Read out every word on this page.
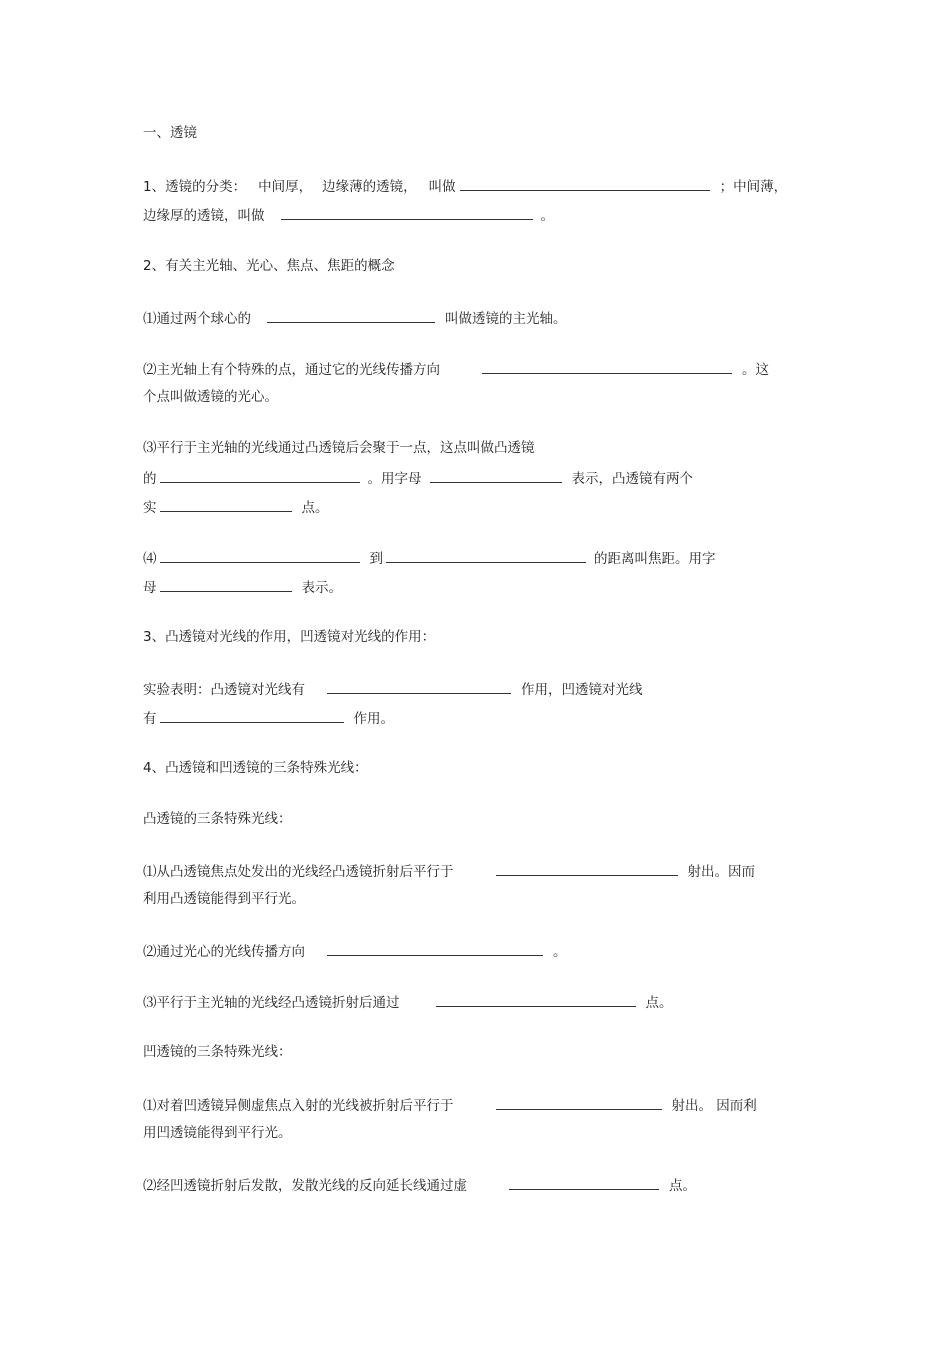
一、透镜
1、透镜的分类： 中间厚， 边缘薄的透镜， 叫做	；中间薄，
边缘厚的透镜，叫做	。
2、有关主光轴、光心、焦点、焦距的概念
⑴通过两个球心的	叫做透镜的主光轴。
⑵主光轴上有个特殊的点，通过它的光线传播方向	。这
个点叫做透镜的光心。
⑶平行于主光轴的光线通过凸透镜后会聚于一点，这点叫做凸透镜
的	。用字母	表示，凸透镜有两个
实	点。
⑷	到	的距离叫焦距。用字
母	表示。
3、凸透镜对光线的作用，凹透镜对光线的作用：
实验表明：凸透镜对光线有	作用，凹透镜对光线
有	作用。
4、凸透镜和凹透镜的三条特殊光线：
凸透镜的三条特殊光线：
⑴从凸透镜焦点处发出的光线经凸透镜折射后平行于	射出。因而
利用凸透镜能得到平行光。
⑵通过光心的光线传播方向	。
⑶平行于主光轴的光线经凸透镜折射后通过	点。
凹透镜的三条特殊光线：
⑴对着凹透镜异侧虚焦点入射的光线被折射后平行于	射出。 因而利
用凹透镜能得到平行光。
⑵经凹透镜折射后发散，发散光线的反向延长线通过虚	点。
